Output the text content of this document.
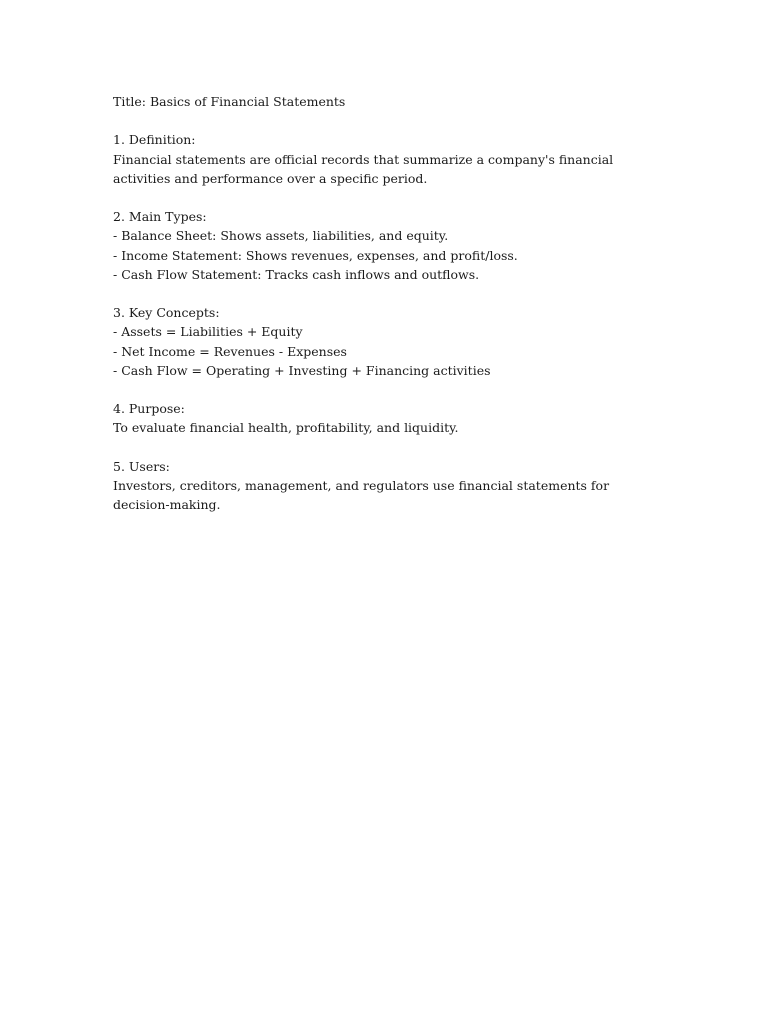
Title: Basics of Financial Statements
1. Definition:
Financial statements are official records that summarize a company's financial activities and performance over a specific period.
2. Main Types:
- Balance Sheet: Shows assets, liabilities, and equity.
- Income Statement: Shows revenues, expenses, and profit/loss.
- Cash Flow Statement: Tracks cash inflows and outflows.
3. Key Concepts:
- Assets = Liabilities + Equity
- Net Income = Revenues - Expenses
- Cash Flow = Operating + Investing + Financing activities
4. Purpose:
To evaluate financial health, profitability, and liquidity.
5. Users:
Investors, creditors, management, and regulators use financial statements for decision-making.
